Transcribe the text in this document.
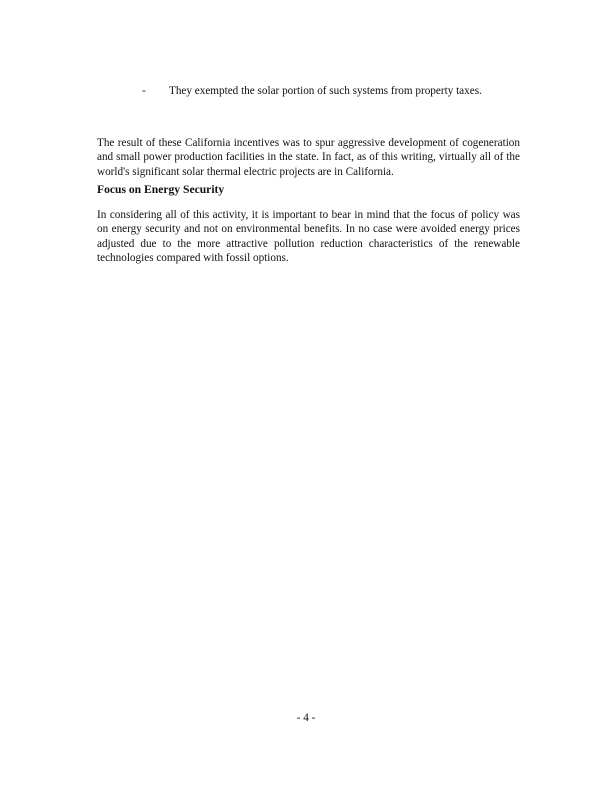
-	They exempted the solar portion of such systems from property taxes.

The result of these California incentives was to spur aggressive development of cogeneration and small power production facilities in the state. In fact, as of this writing, virtually all of the world's significant solar thermal electric projects are in California.

Focus on Energy Security

In considering all of this activity, it is important to bear in mind that the focus of policy was on energy security and not on environmental benefits. In no case were avoided energy prices adjusted due to the more attractive pollution reduction characteristics of the renewable technologies compared with fossil options.

- 4 -
